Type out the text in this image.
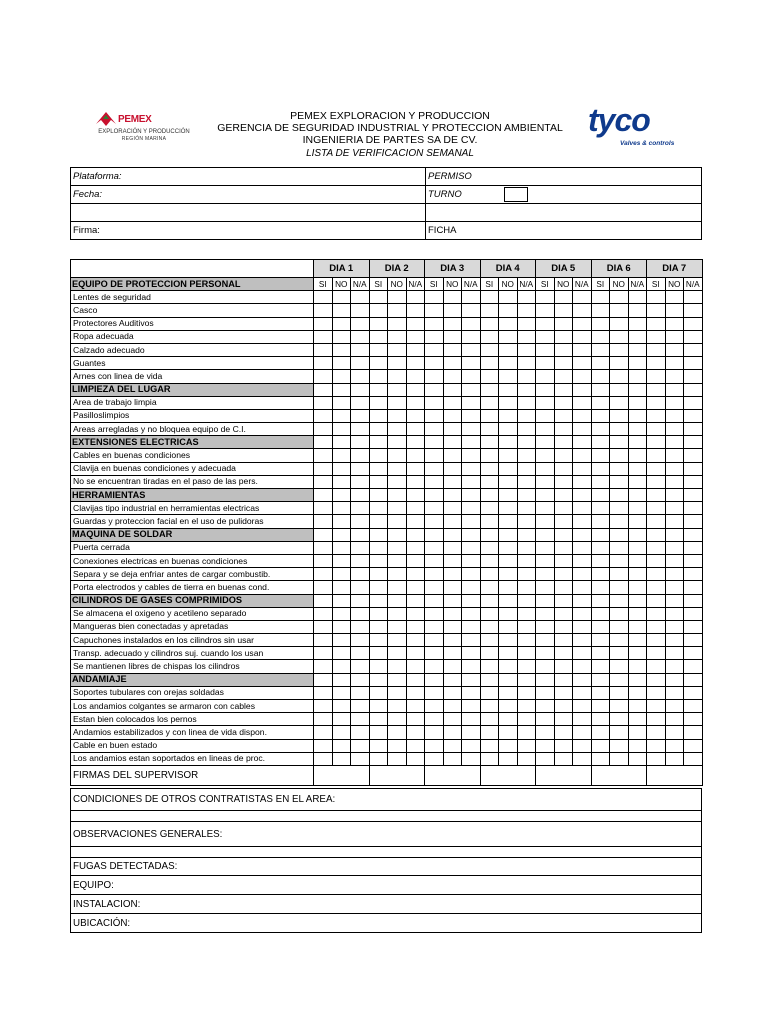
PEMEX
EXPLORACIÓN Y PRODUCCIÓN
REGIÓN MARINA
PEMEX EXPLORACION Y PRODUCCION
GERENCIA DE SEGURIDAD INDUSTRIAL Y PROTECCION AMBIENTAL
INGENIERIA DE PARTES SA DE CV.
LISTA DE VERIFICACION SEMANAL
tyco
Valves & controls
Plataforma:	PERMISO
Fecha:	TURNO

Firma:	FICHA
	DIA 1			DIA 2			DIA 3			DIA 4			DIA 5			DIA 6			DIA 7		
EQUIPO DE PROTECCION PERSONAL	SI	NO	N/A	SI	NO	N/A	SI	NO	N/A	SI	NO	N/A	SI	NO	N/A	SI	NO	N/A	SI	NO	N/A
Lentes de seguridad																					
Casco																					
Protectores Auditivos																					
Ropa adecuada																					
Calzado adecuado																					
Guantes																					
Arnes con linea de vida																					
LIMPIEZA DEL LUGAR																					
Area de trabajo limpia																					
Pasilloslimpios																					
Areas arregladas y no bloquea equipo de C.I.																					
EXTENSIONES ELECTRICAS																					
Cables en buenas condiciones																					
Clavija en buenas condiciones y adecuada																					
No se encuentran tiradas en el paso de las pers.																					
HERRAMIENTAS																					
Clavijas tipo industrial en herramientas electricas																					
Guardas y proteccion facial en el uso de pulidoras																					
MAQUINA DE SOLDAR																					
Puerta cerrada																					
Conexiones electricas en buenas condiciones																					
Separa y se deja enfriar antes de cargar combustib.																					
Porta electrodos y cables de tierra en buenas cond.																					
CILINDROS DE GASES COMPRIMIDOS																					
Se almacena el oxigeno y acetileno separado																					
Mangueras bien conectadas y apretadas																					
Capuchones instalados en los cilindros sin usar																					
Transp. adecuado y cilindros suj. cuando los usan																					
Se mantienen libres de chispas los cilindros																					
ANDAMIAJE																					
Soportes tubulares con orejas soldadas																					
Los andamios colgantes se armaron con cables																					
Estan bien colocados los pernos																					
Andamios estabilizados y con linea de vida dispon.																					
Cable en buen estado																					
Los andamios estan soportados en lineas de proc.																					
FIRMAS DEL SUPERVISOR																					
CONDICIONES DE OTROS CONTRATISTAS EN EL AREA:

OBSERVACIONES GENERALES:

FUGAS DETECTADAS:
EQUIPO:
INSTALACION:
UBICACIÓN:
